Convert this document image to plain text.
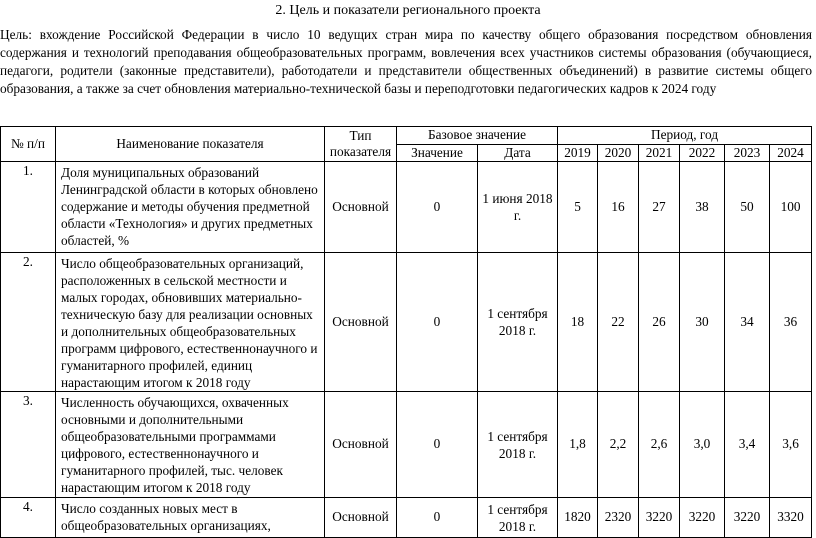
2. Цель и показатели регионального проекта
Цель: вхождение Российской Федерации в число 10 ведущих стран мира по качеству общего образования посредством обновления содержания и технологий преподавания общеобразовательных программ, вовлечения всех участников системы образования (обучающиеся, педагоги, родители (законные представители), работодатели и представители общественных объединений) в развитие системы общего образования, а также за счет обновления материально-технической базы и переподготовки педагогических кадров к 2024 году
№ п/п	Наименование показателя	Тип показателя	Базовое значение		Период, год					
			Значение	Дата	2019	2020	2021	2022	2023	2024
1.	Доля муниципальных образований Ленинградской области в которых обновлено содержание и методы обучения предметной области «Технология» и других предметных областей, %	Основной	0	1 июня 2018 г.	5	16	27	38	50	100
2.	Число общеобразовательных организаций, расположенных в сельской местности и малых городах, обновивших материально-техническую базу для реализации основных и дополнительных общеобразовательных программ цифрового, естественнонаучного и гуманитарного профилей, единиц нарастающим итогом к 2018 году	Основной	0	1 сентября 2018 г.	18	22	26	30	34	36
3.	Численность обучающихся, охваченных основными и дополнительными общеобразовательными программами цифрового, естественнонаучного и гуманитарного профилей, тыс. человек нарастающим итогом к 2018 году	Основной	0	1 сентября 2018 г.	1,8	2,2	2,6	3,0	3,4	3,6
4.	Число созданных новых мест в общеобразовательных организациях,	Основной	0	1 сентября 2018 г.	1820	2320	3220	3220	3220	3320
